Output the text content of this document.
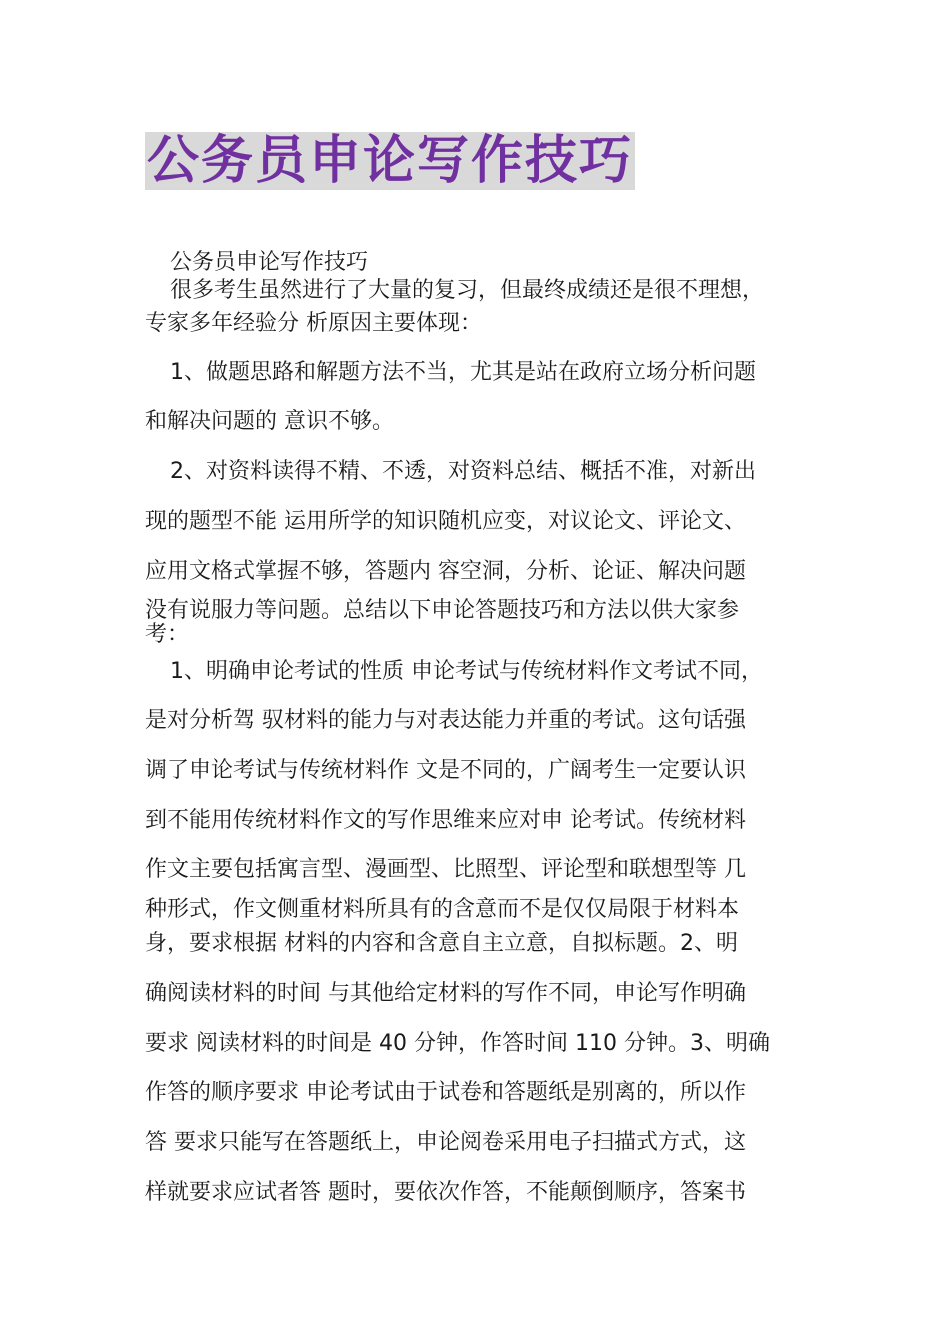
公务员申论写作技巧
公务员申论写作技巧
很多考生虽然进行了大量的复习，但最终成绩还是很不理想，
专家多年经验分 析原因主要体现：
1、做题思路和解题方法不当，尤其是站在政府立场分析问题
和解决问题的 意识不够。
2、对资料读得不精、不透，对资料总结、概括不准，对新出
现的题型不能 运用所学的知识随机应变，对议论文、评论文、
应用文格式掌握不够，答题内 容空洞，分析、论证、解决问题
没有说服力等问题。总结以下申论答题技巧和方法以供大家参
考：
1、明确申论考试的性质 申论考试与传统材料作文考试不同，
是对分析驾 驭材料的能力与对表达能力并重的考试。这句话强
调了申论考试与传统材料作 文是不同的，广阔考生一定要认识
到不能用传统材料作文的写作思维来应对申 论考试。传统材料
作文主要包括寓言型、漫画型、比照型、评论型和联想型等 几
种形式，作文侧重材料所具有的含意而不是仅仅局限于材料本
身，要求根据 材料的内容和含意自主立意，自拟标题。2、明
确阅读材料的时间 与其他给定材料的写作不同，申论写作明确
要求 阅读材料的时间是 40 分钟，作答时间 110 分钟。3、明确
作答的顺序要求 申论考试由于试卷和答题纸是别离的，所以作
答 要求只能写在答题纸上，申论阅卷采用电子扫描式方式，这
样就要求应试者答 题时，要依次作答，不能颠倒顺序，答案书
